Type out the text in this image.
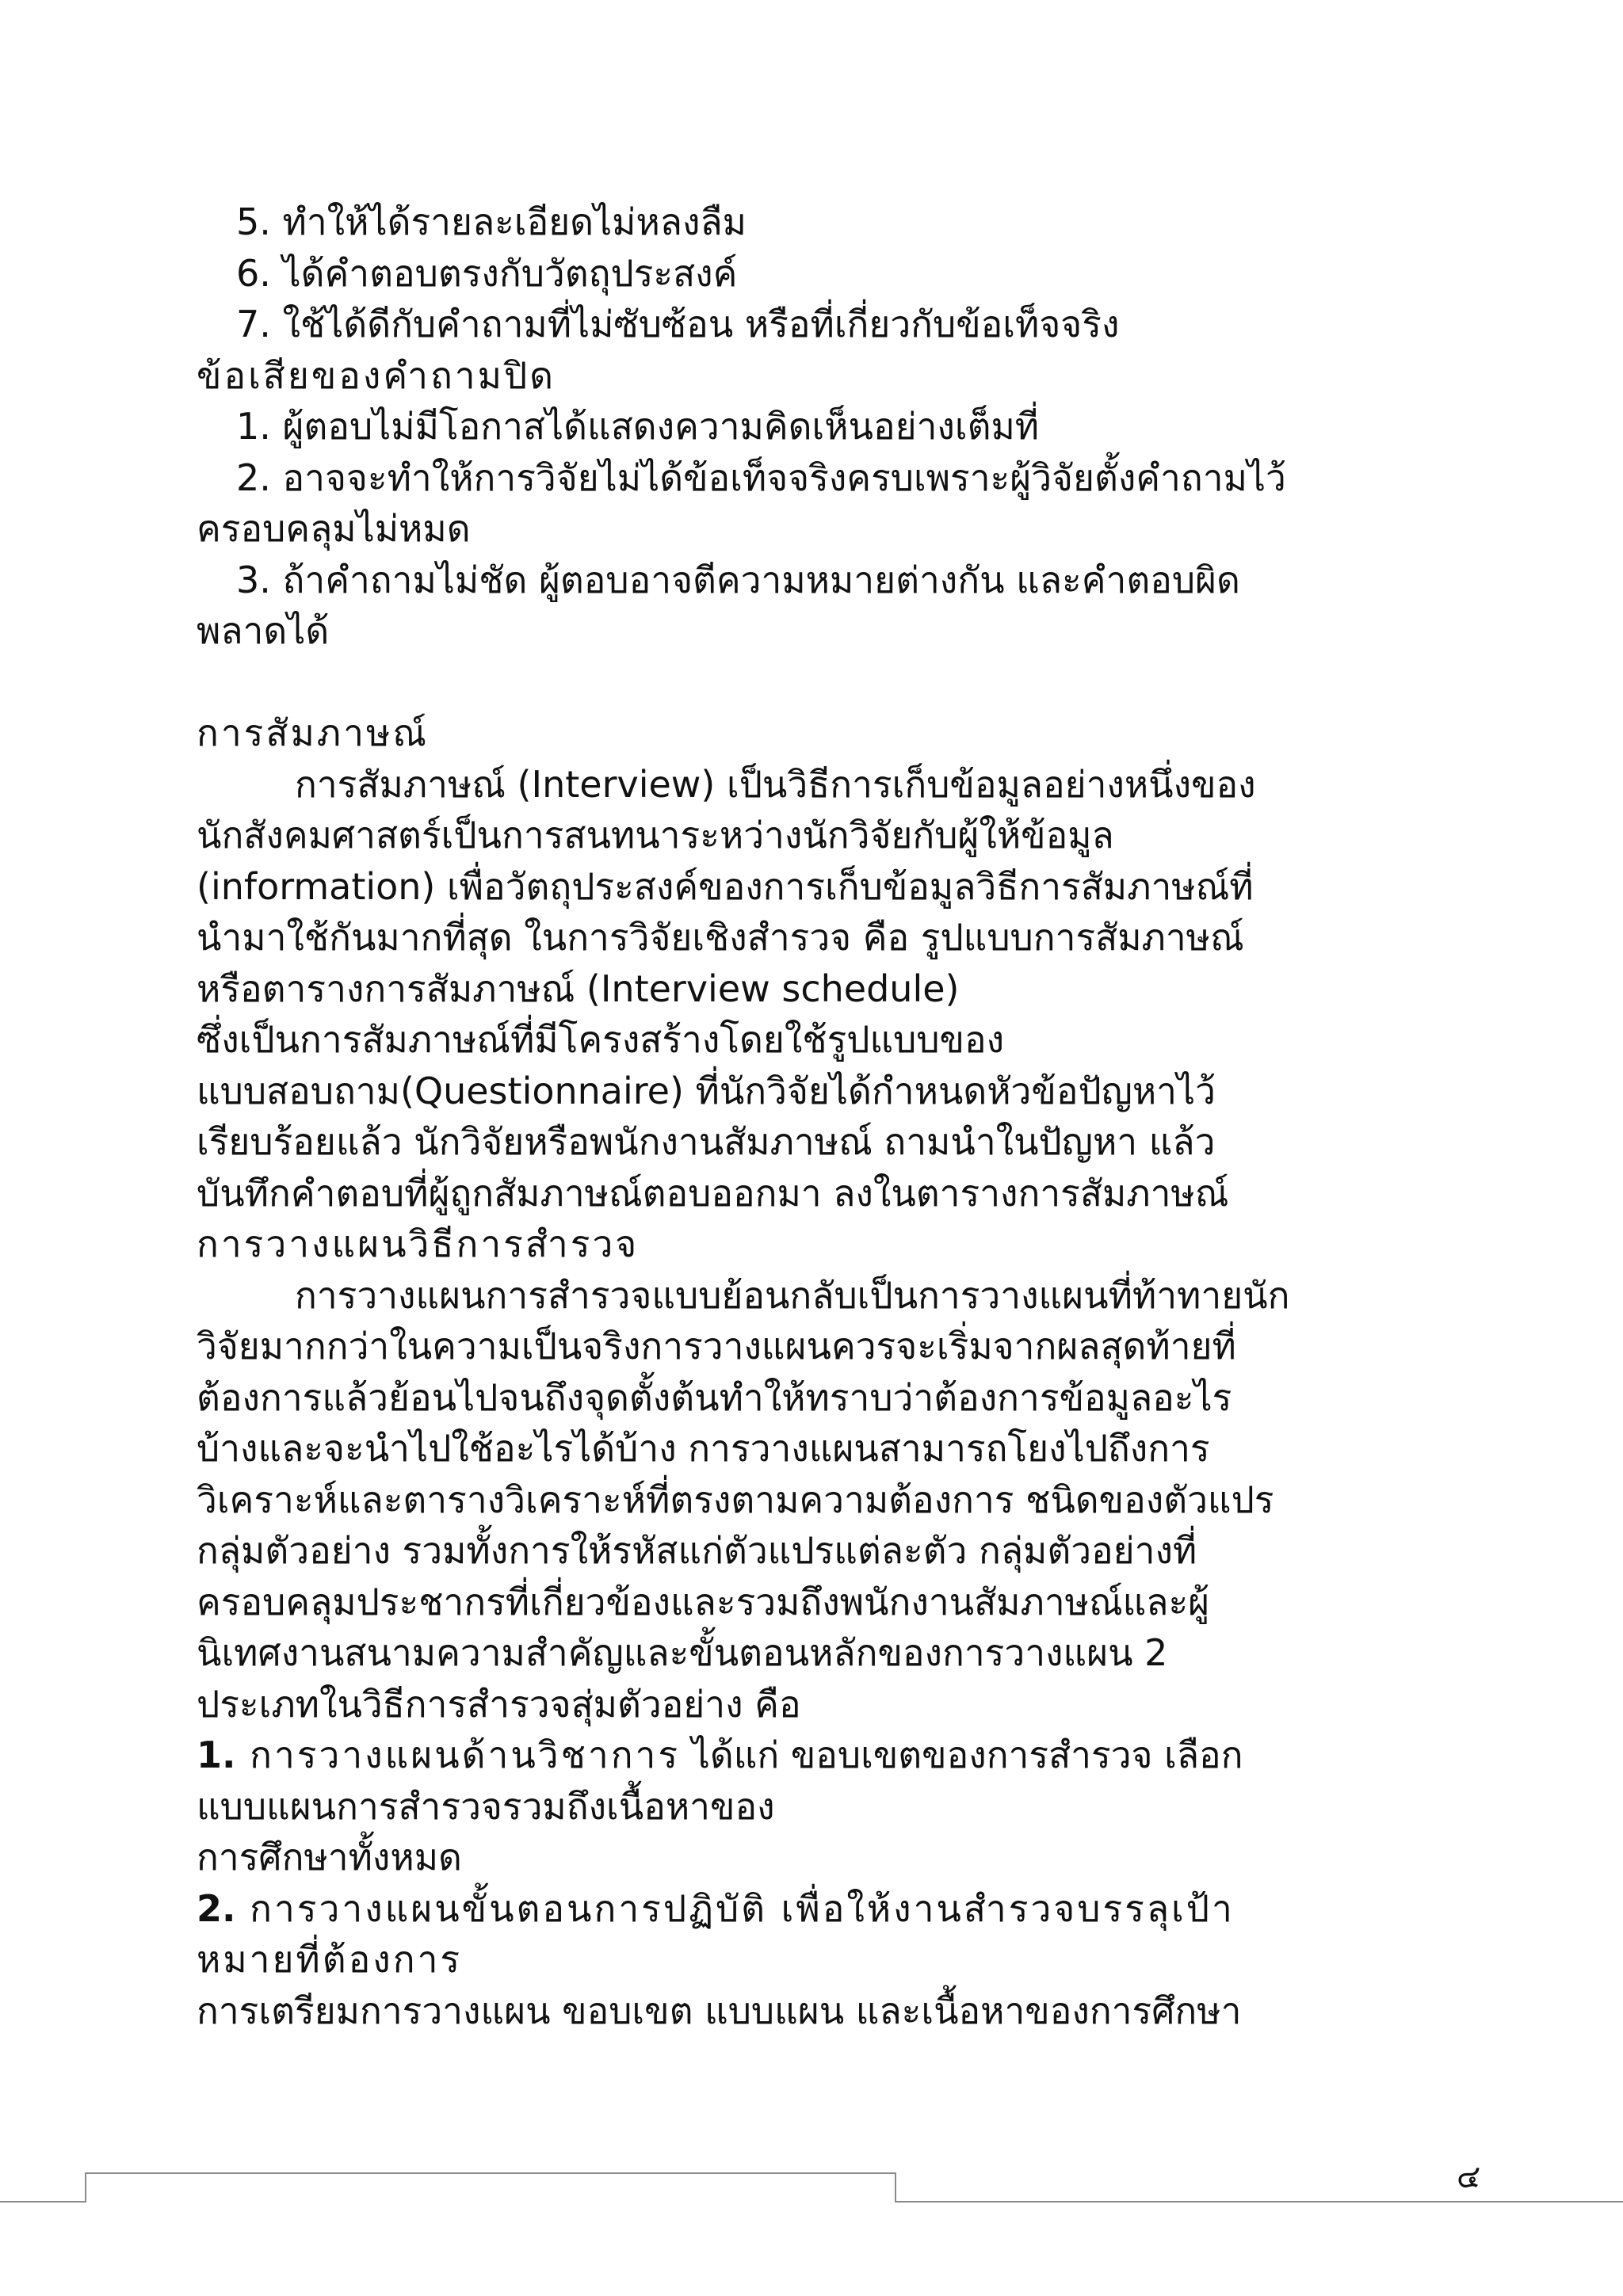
5. ทำให้ได้รายละเอียดไม่หลงลืม
6. ได้คำตอบตรงกับวัตถุประสงค์
7. ใช้ได้ดีกับคำถามที่ไม่ซับซ้อน หรือที่เกี่ยวกับข้อเท็จจริง
ข้อเสียของคำถามปิด
1. ผู้ตอบไม่มีโอกาสได้แสดงความคิดเห็นอย่างเต็มที่
2. อาจจะทำให้การวิจัยไม่ได้ข้อเท็จจริงครบเพราะผู้วิจัยตั้งคำถามไว้
ครอบคลุมไม่หมด
3. ถ้าคำถามไม่ชัด ผู้ตอบอาจตีความหมายต่างกัน และคำตอบผิด
พลาดได้
การสัมภาษณ์
การสัมภาษณ์ (Interview) เป็นวิธีการเก็บข้อมูลอย่างหนึ่งของ
นักสังคมศาสตร์เป็นการสนทนาระหว่างนักวิจัยกับผู้ให้ข้อมูล
(information) เพื่อวัตถุประสงค์ของการเก็บข้อมูลวิธีการสัมภาษณ์ที่
นำมาใช้กันมากที่สุด ในการวิจัยเชิงสำรวจ คือ รูปแบบการสัมภาษณ์
หรือตารางการสัมภาษณ์ (Interview schedule)
ซึ่งเป็นการสัมภาษณ์ที่มีโครงสร้างโดยใช้รูปแบบของ
แบบสอบถาม(Questionnaire) ที่นักวิจัยได้กำหนดหัวข้อปัญหาไว้
เรียบร้อยแล้ว นักวิจัยหรือพนักงานสัมภาษณ์ ถามนำในปัญหา แล้ว
บันทึกคำตอบที่ผู้ถูกสัมภาษณ์ตอบออกมา ลงในตารางการสัมภาษณ์
การวางแผนวิธีการสำรวจ
การวางแผนการสำรวจแบบย้อนกลับเป็นการวางแผนที่ท้าทายนัก
วิจัยมากกว่าในความเป็นจริงการวางแผนควรจะเริ่มจากผลสุดท้ายที่
ต้องการแล้วย้อนไปจนถึงจุดตั้งต้นทำให้ทราบว่าต้องการข้อมูลอะไร
บ้างและจะนำไปใช้อะไรได้บ้าง การวางแผนสามารถโยงไปถึงการ
วิเคราะห์และตารางวิเคราะห์ที่ตรงตามความต้องการ ชนิดของตัวแปร
กลุ่มตัวอย่าง รวมทั้งการให้รหัสแก่ตัวแปรแต่ละตัว กลุ่มตัวอย่างที่
ครอบคลุมประชากรที่เกี่ยวข้องและรวมถึงพนักงานสัมภาษณ์และผู้
นิเทศงานสนามความสำคัญและขั้นตอนหลักของการวางแผน 2
ประเภทในวิธีการสำรวจสุ่มตัวอย่าง คือ
1. การวางแผนด้านวิชาการ ได้แก่ ขอบเขตของการสำรวจ เลือก
แบบแผนการสำรวจรวมถึงเนื้อหาของ
การศึกษาทั้งหมด
2. การวางแผนขั้นตอนการปฏิบัติ เพื่อให้งานสำรวจบรรลุเป้า
หมายที่ต้องการ
การเตรียมการวางแผน ขอบเขต แบบแผน และเนื้อหาของการศึกษา
๔
